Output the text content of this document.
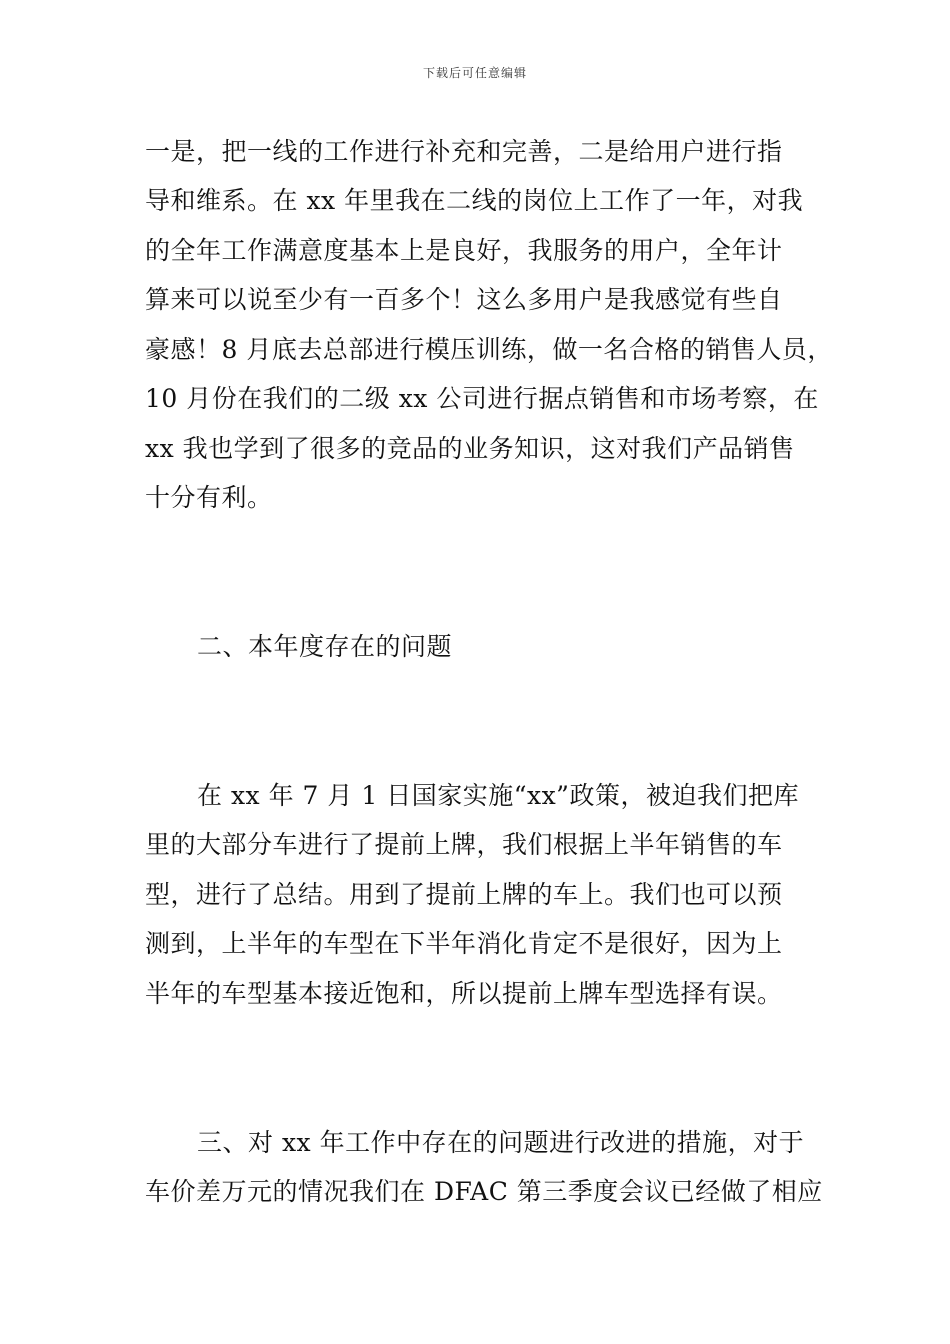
下载后可任意编辑
一是，把一线的工作进行补充和完善，二是给用户进行指
导和维系。在 xx 年里我在二线的岗位上工作了一年，对我
的全年工作满意度基本上是良好，我服务的用户，全年计
算来可以说至少有一百多个！这么多用户是我感觉有些自
豪感！8 月底去总部进行模压训练，做一名合格的销售人员，
10 月份在我们的二级 xx 公司进行据点销售和市场考察，在
xx 我也学到了很多的竞品的业务知识，这对我们产品销售
十分有利。
二、本年度存在的问题
在 xx 年 7 月 1 日国家实施“xx”政策，被迫我们把库
里的大部分车进行了提前上牌，我们根据上半年销售的车
型，进行了总结。用到了提前上牌的车上。我们也可以预
测到，上半年的车型在下半年消化肯定不是很好，因为上
半年的车型基本接近饱和，所以提前上牌车型选择有误。
三、对 xx 年工作中存在的问题进行改进的措施，对于
车价差万元的情况我们在 DFAC 第三季度会议已经做了相应
